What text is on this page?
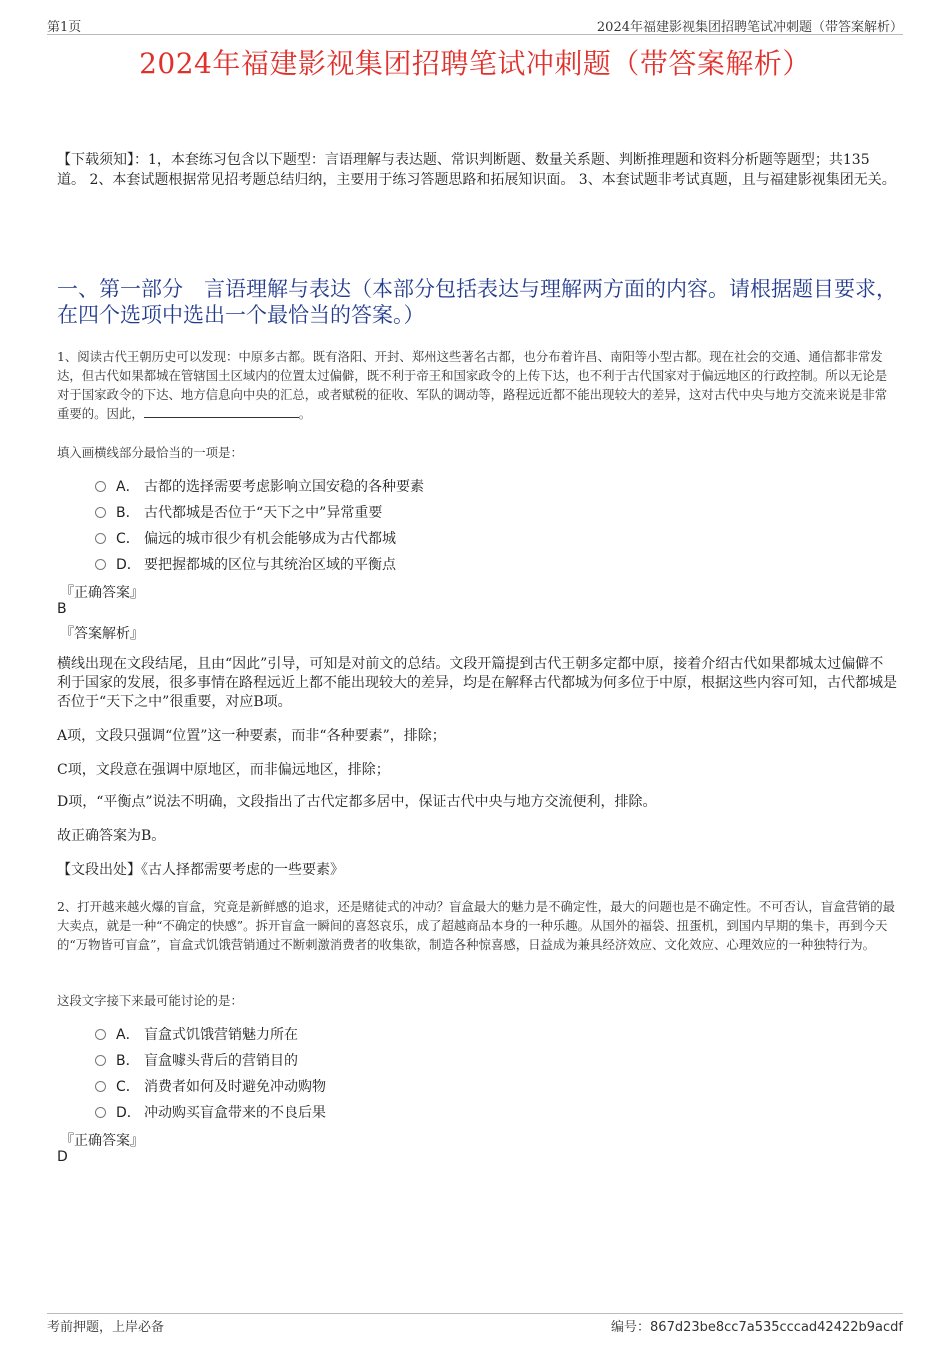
第1页	2024年福建影视集团招聘笔试冲刺题（带答案解析）
2024年福建影视集团招聘笔试冲刺题（带答案解析）
【下载须知】：1，本套练习包含以下题型：言语理解与表达题、常识判断题、数量关系题、判断推理题和资料分析题等题型；共135道。 2、本套试题根据常见招考题总结归纳，主要用于练习答题思路和拓展知识面。 3、本套试题非考试真题，且与福建影视集团无关。
一、第一部分　言语理解与表达（本部分包括表达与理解两方面的内容。请根据题目要求，在四个选项中选出一个最恰当的答案。）
1、阅读古代王朝历史可以发现：中原多古都。既有洛阳、开封、郑州这些著名古都，也分布着许昌、南阳等小型古都。现在社会的交通、通信都非常发达，但古代如果都城在管辖国土区域内的位置太过偏僻，既不利于帝王和国家政令的上传下达，也不利于古代国家对于偏远地区的行政控制。所以无论是对于国家政令的下达、地方信息向中央的汇总，或者赋税的征收、军队的调动等，路程远近都不能出现较大的差异，这对古代中央与地方交流来说是非常重要的。因此，	。
填入画横线部分最恰当的一项是：
A． 古都的选择需要考虑影响立国安稳的各种要素
B． 古代都城是否位于“天下之中”异常重要
C． 偏远的城市很少有机会能够成为古代都城
D． 要把握都城的区位与其统治区域的平衡点
『正确答案』
B
『答案解析』
横线出现在文段结尾，且由“因此”引导，可知是对前文的总结。文段开篇提到古代王朝多定都中原，接着介绍古代如果都城太过偏僻不利于国家的发展，很多事情在路程远近上都不能出现较大的差异，均是在解释古代都城为何多位于中原，根据这些内容可知，古代都城是否位于“天下之中”很重要，对应B项。
A项，文段只强调“位置”这一种要素，而非“各种要素”，排除；
C项，文段意在强调中原地区，而非偏远地区，排除；
D项，“平衡点”说法不明确，文段指出了古代定都多居中，保证古代中央与地方交流便利，排除。
故正确答案为B。
【文段出处】《古人择都需要考虑的一些要素》
2、打开越来越火爆的盲盒，究竟是新鲜感的追求，还是赌徒式的冲动？盲盒最大的魅力是不确定性，最大的问题也是不确定性。不可否认，盲盒营销的最大卖点，就是一种“不确定的快感”。拆开盲盒一瞬间的喜怒哀乐，成了超越商品本身的一种乐趣。从国外的福袋、扭蛋机，到国内早期的集卡，再到今天的“万物皆可盲盒”，盲盒式饥饿营销通过不断刺激消费者的收集欲，制造各种惊喜感，日益成为兼具经济效应、文化效应、心理效应的一种独特行为。
这段文字接下来最可能讨论的是：
A． 盲盒式饥饿营销魅力所在
B． 盲盒噱头背后的营销目的
C． 消费者如何及时避免冲动购物
D． 冲动购买盲盒带来的不良后果
『正确答案』
D
考前押题，上岸必备	编号：867d23be8cc7a535cccad42422b9acdf
